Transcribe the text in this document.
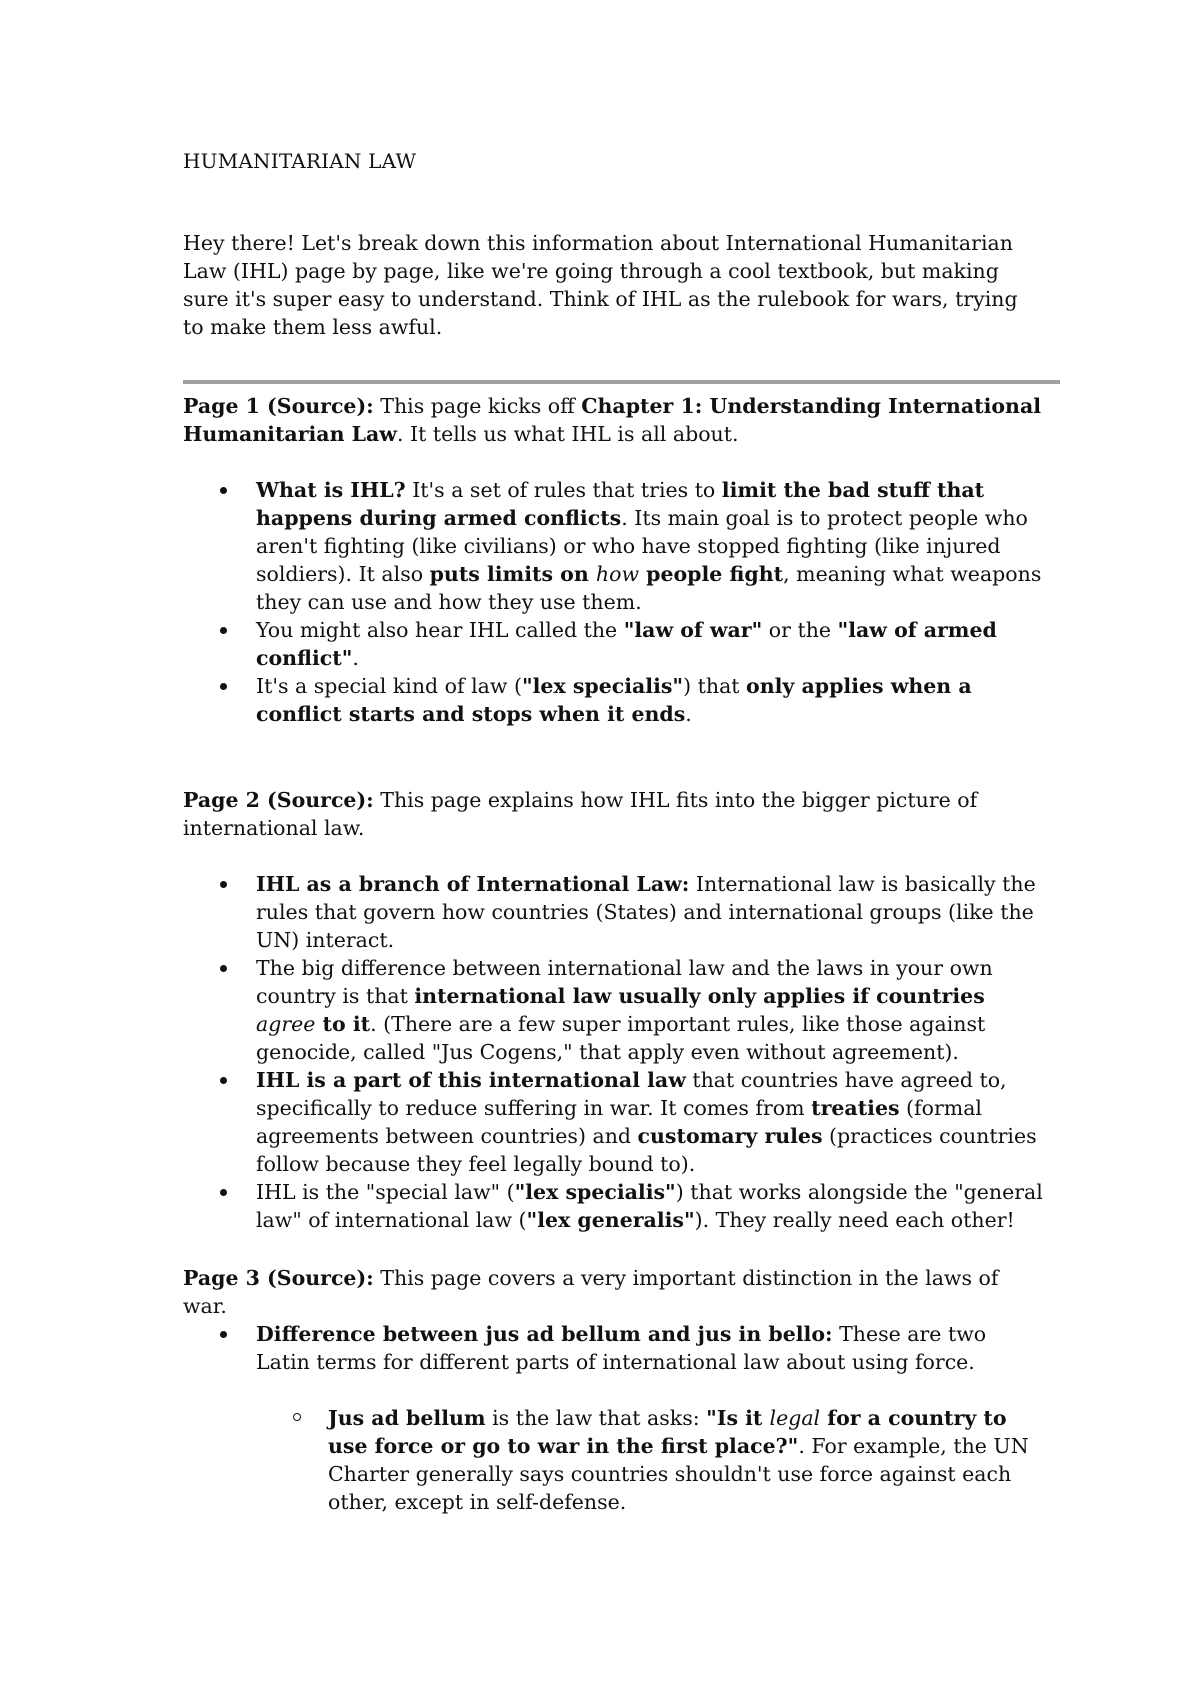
HUMANITARIAN LAW

Hey there! Let's break down this information about International Humanitarian Law (IHL) page by page, like we're going through a cool textbook, but making sure it's super easy to understand. Think of IHL as the rulebook for wars, trying to make them less awful.

Page 1 (Source): This page kicks off Chapter 1: Understanding International Humanitarian Law. It tells us what IHL is all about.

What is IHL? It's a set of rules that tries to limit the bad stuff that happens during armed conflicts. Its main goal is to protect people who aren't fighting (like civilians) or who have stopped fighting (like injured soldiers). It also puts limits on how people fight, meaning what weapons they can use and how they use them.
You might also hear IHL called the "law of war" or the "law of armed conflict".
It's a special kind of law ("lex specialis") that only applies when a conflict starts and stops when it ends.

Page 2 (Source): This page explains how IHL fits into the bigger picture of international law.

IHL as a branch of International Law: International law is basically the rules that govern how countries (States) and international groups (like the UN) interact.
The big difference between international law and the laws in your own country is that international law usually only applies if countries agree to it. (There are a few super important rules, like those against genocide, called "Jus Cogens," that apply even without agreement).
IHL is a part of this international law that countries have agreed to, specifically to reduce suffering in war. It comes from treaties (formal agreements between countries) and customary rules (practices countries follow because they feel legally bound to).
IHL is the "special law" ("lex specialis") that works alongside the "general law" of international law ("lex generalis"). They really need each other!

Page 3 (Source): This page covers a very important distinction in the laws of war.

Difference between jus ad bellum and jus in bello: These are two Latin terms for different parts of international law about using force.
Jus ad bellum is the law that asks: "Is it legal for a country to use force or go to war in the first place?". For example, the UN Charter generally says countries shouldn't use force against each other, except in self-defense.
